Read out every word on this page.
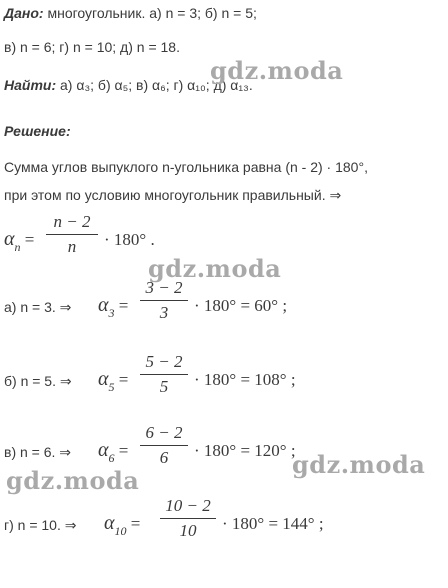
Дано: многоугольник. а) n = 3; б) n = 5;
в) n = 6; г) n = 10; д) n = 18.
Найти: а) α₃; б) α₅; в) α₆; г) α₁₀; д) α₁₃.
Решение:
Сумма углов выпуклого n-угольника равна (n - 2) · 180°,
при этом по условию многоугольник правильный. ⇒
$\alpha_n$ =
n − 2
n · 180° .
а) n = 3. ⇒ $\alpha_3$ =
3 − 2
3 · 180° = 60° ;
б) n = 5. ⇒ $\alpha_5$ =
5 − 2
5 · 180° = 108° ;
в) n = 6. ⇒ $\alpha_6$ =
6 − 2
6 · 180° = 120° ;
г) n = 10. ⇒ $\alpha_{10}$ =
10 − 2
10 · 180° = 144° ;
gdz.moda
gdz.moda
gdz.moda
gdz.moda
